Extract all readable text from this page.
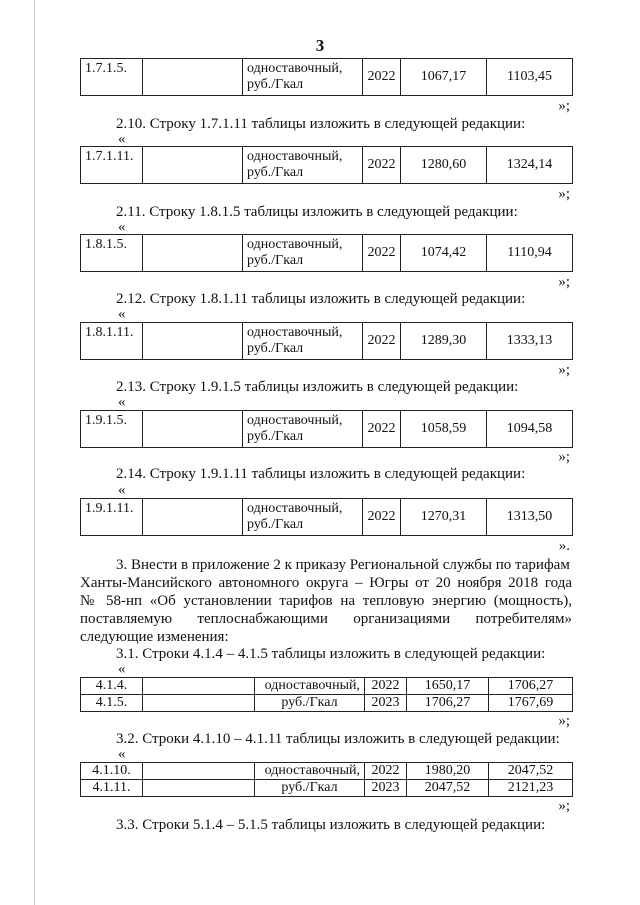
3
1.7.1.5.		одноставочный,
руб./Гкал	2022	1067,17	1103,45
»;
2.10. Строку 1.7.1.11 таблицы изложить в следующей редакции:
«
1.7.1.11.		одноставочный,
руб./Гкал	2022	1280,60	1324,14
»;
2.11. Строку 1.8.1.5 таблицы изложить в следующей редакции:
«
1.8.1.5.		одноставочный,
руб./Гкал	2022	1074,42	1110,94
»;
2.12. Строку 1.8.1.11 таблицы изложить в следующей редакции:
«
1.8.1.11.		одноставочный,
руб./Гкал	2022	1289,30	1333,13
»;
2.13. Строку 1.9.1.5 таблицы изложить в следующей редакции:
«
1.9.1.5.		одноставочный,
руб./Гкал	2022	1058,59	1094,58
»;
2.14. Строку 1.9.1.11 таблицы изложить в следующей редакции:
«
1.9.1.11.		одноставочный,
руб./Гкал	2022	1270,31	1313,50
».
3. Внести в приложение 2 к приказу Региональной службы по тарифам
Ханты-Мансийского автономного округа – Югры от 20 ноября 2018 года
№ 58-нп «Об установлении тарифов на тепловую энергию (мощность),
поставляемую теплоснабжающими организациями потребителям»
следующие изменения:
3.1. Строки 4.1.4 – 4.1.5 таблицы изложить в следующей редакции:
«
4.1.4.		одноставочный,	2022	1650,17	1706,27
4.1.5.		руб./Гкал	2023	1706,27	1767,69
»;
3.2. Строки 4.1.10 – 4.1.11 таблицы изложить в следующей редакции:
«
4.1.10.		одноставочный,	2022	1980,20	2047,52
4.1.11.		руб./Гкал	2023	2047,52	2121,23
»;
3.3. Строки 5.1.4 – 5.1.5 таблицы изложить в следующей редакции:
